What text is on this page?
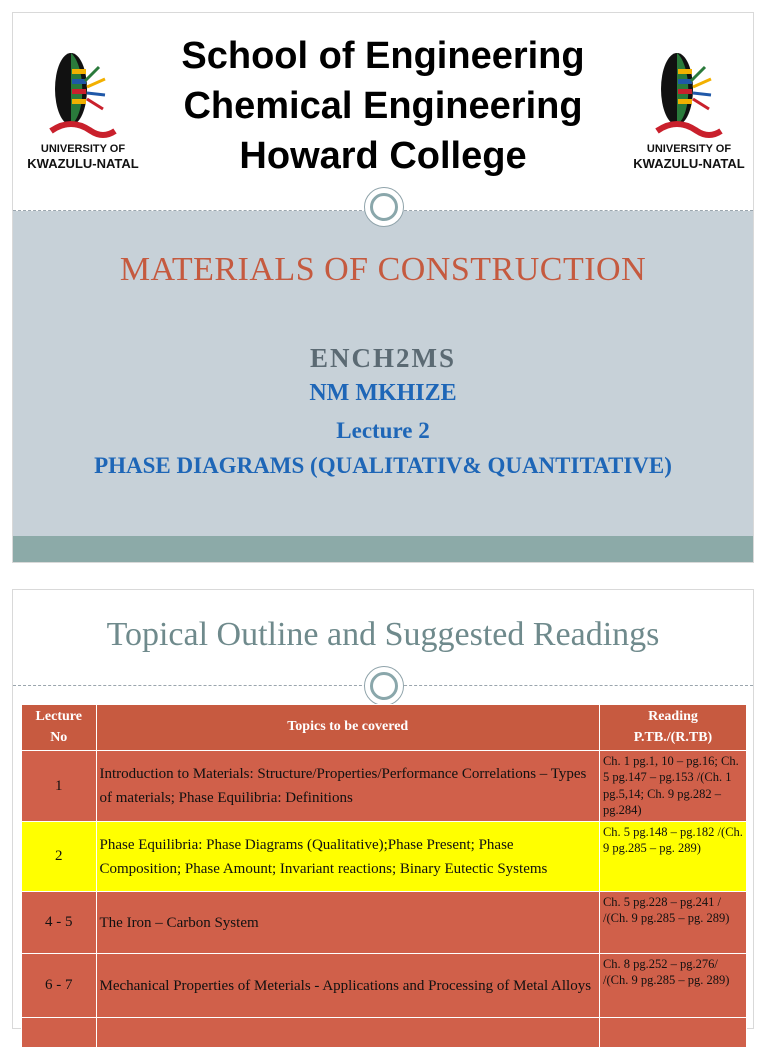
UNIVERSITY OF
KWAZULU-NATAL
School of Engineering
Chemical Engineering
Howard College	UNIVERSITY OF
KWAZULU-NATAL
MATERIALS OF CONSTRUCTION
ENCH2MS
NM MKHIZE
Lecture 2
PHASE DIAGRAMS (QUALITATIV& QUANTITATIVE)
Topical Outline and Suggested Readings
Lecture No	Topics to be covered	Reading P.TB./(R.TB)
1	Introduction to Materials: Structure/Properties/Performance Correlations – Types of materials; Phase Equilibria: Definitions	Ch. 1 pg.1, 10 – pg.16; Ch. 5 pg.147 – pg.153 /(Ch. 1 pg.5,14; Ch. 9 pg.282 – pg.284)
2	Phase Equilibria: Phase Diagrams (Qualitative);Phase Present; Phase Composition; Phase Amount; Invariant reactions; Binary Eutectic Systems	Ch. 5 pg.148 – pg.182 /(Ch. 9 pg.285 – pg. 289)
4 - 5	The Iron – Carbon System	Ch. 5 pg.228 – pg.241 / /(Ch. 9 pg.285 – pg. 289)
6 - 7	Mechanical Properties of Meterials - Applications and Processing of Metal Alloys	Ch. 8 pg.252 – pg.276/ /(Ch. 9 pg.285 – pg. 289)
